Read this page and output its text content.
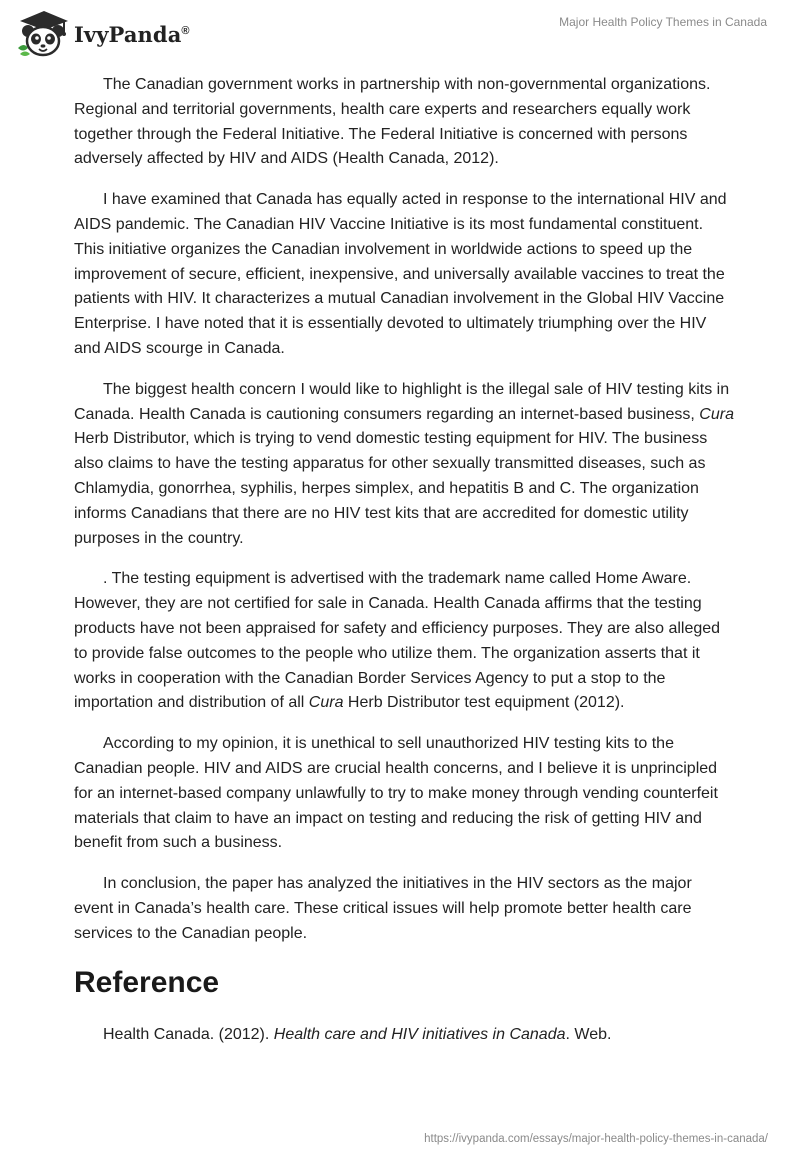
IvyPanda®
Major Health Policy Themes in Canada

The Canadian government works in partnership with non-governmental organizations. Regional and territorial governments, health care experts and researchers equally work together through the Federal Initiative. The Federal Initiative is concerned with persons adversely affected by HIV and AIDS (Health Canada, 2012).

I have examined that Canada has equally acted in response to the international HIV and AIDS pandemic. The Canadian HIV Vaccine Initiative is its most fundamental constituent. This initiative organizes the Canadian involvement in worldwide actions to speed up the improvement of secure, efficient, inexpensive, and universally available vaccines to treat the patients with HIV. It characterizes a mutual Canadian involvement in the Global HIV Vaccine Enterprise. I have noted that it is essentially devoted to ultimately triumphing over the HIV and AIDS scourge in Canada.

The biggest health concern I would like to highlight is the illegal sale of HIV testing kits in Canada. Health Canada is cautioning consumers regarding an internet-based business, Cura Herb Distributor, which is trying to vend domestic testing equipment for HIV. The business also claims to have the testing apparatus for other sexually transmitted diseases, such as Chlamydia, gonorrhea, syphilis, herpes simplex, and hepatitis B and C. The organization informs Canadians that there are no HIV test kits that are accredited for domestic utility purposes in the country.

. The testing equipment is advertised with the trademark name called Home Aware. However, they are not certified for sale in Canada. Health Canada affirms that the testing products have not been appraised for safety and efficiency purposes. They are also alleged to provide false outcomes to the people who utilize them. The organization asserts that it works in cooperation with the Canadian Border Services Agency to put a stop to the importation and distribution of all Cura Herb Distributor test equipment (2012).

According to my opinion, it is unethical to sell unauthorized HIV testing kits to the Canadian people. HIV and AIDS are crucial health concerns, and I believe it is unprincipled for an internet-based company unlawfully to try to make money through vending counterfeit materials that claim to have an impact on testing and reducing the risk of getting HIV and benefit from such a business.

In conclusion, the paper has analyzed the initiatives in the HIV sectors as the major event in Canada’s health care. These critical issues will help promote better health care services to the Canadian people.

Reference
Health Canada. (2012). Health care and HIV initiatives in Canada. Web.
https://ivypanda.com/essays/major-health-policy-themes-in-canada/
